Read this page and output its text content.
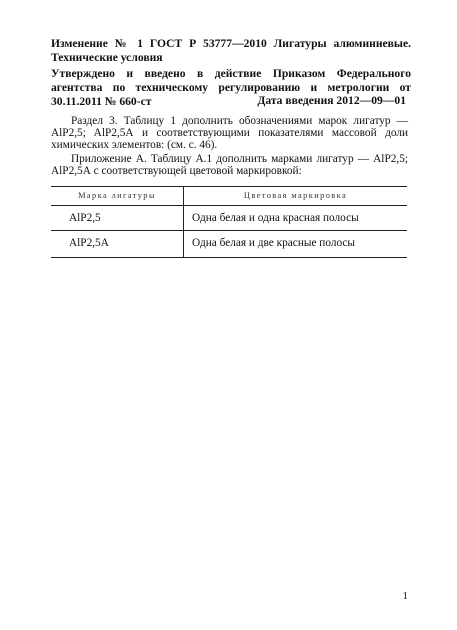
Изменение № 1 ГОСТ Р 53777—2010 Лигатуры алюминиевые. Технические условия
Утверждено и введено в действие Приказом Федерального агентства по техническому регулированию и метрологии от 30.11.2011 № 660-ст	Дата введения 2012—09—01
Раздел 3. Таблицу 1 дополнить обозначениями марок лигатур — AlP2,5; AlP2,5А и соответствующими показателями массовой доли химических элементов: (см. с. 46).
Приложение А. Таблицу А.1 дополнить марками лигатур — AlP2,5; AlP2,5А с соответствующей цветовой маркировкой:
Марка лигатуры	Цветовая маркировка
AlP2,5	Одна белая и одна красная полосы
AlP2,5А	Одна белая и две красные полосы
1
